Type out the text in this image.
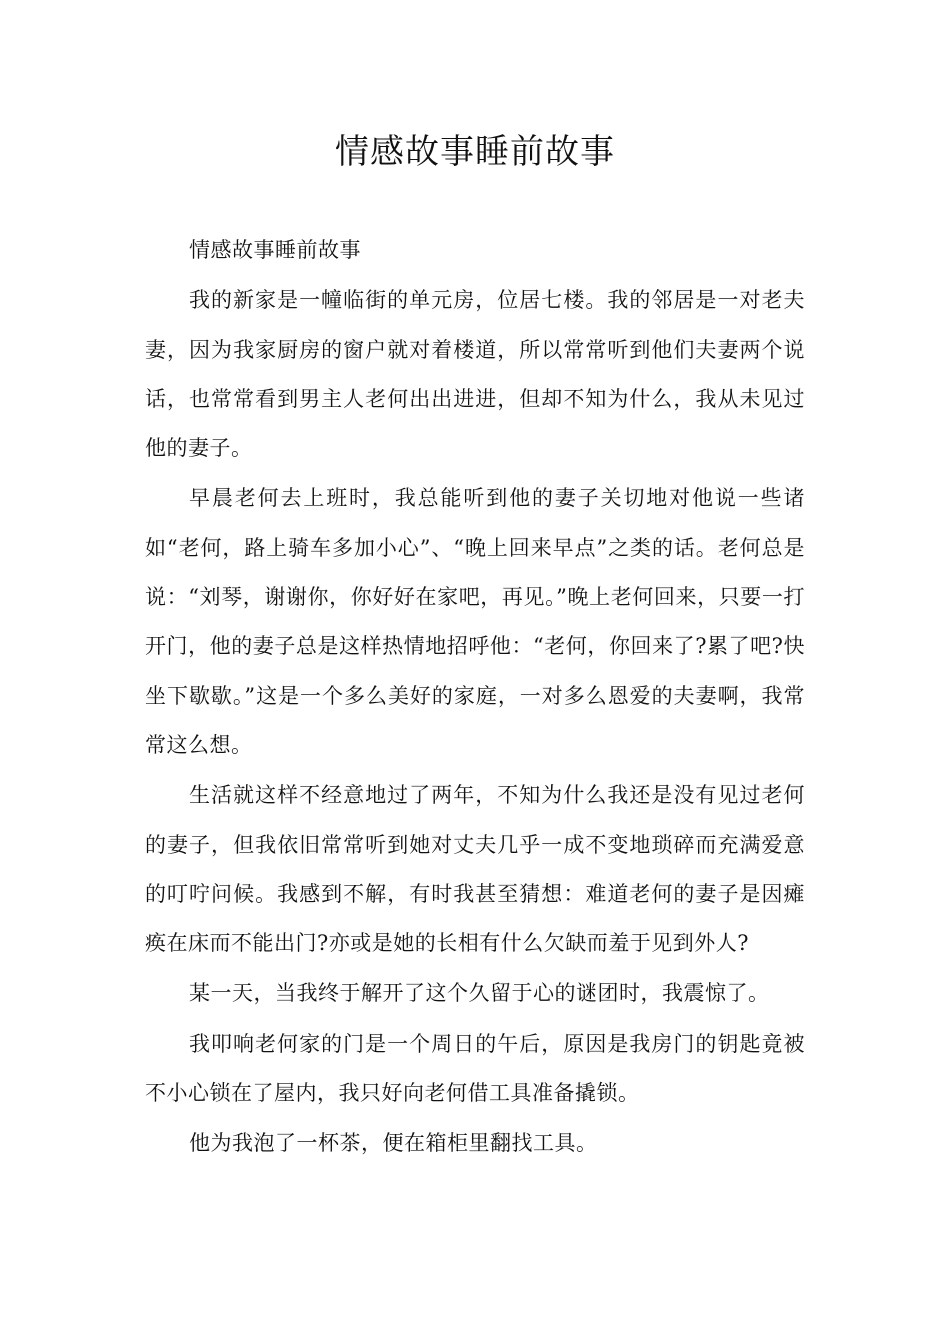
情感故事睡前故事

情感故事睡前故事

我的新家是一幢临街的单元房，位居七楼。我的邻居是一对老夫妻，因为我家厨房的窗户就对着楼道，所以常常听到他们夫妻两个说话，也常常看到男主人老何出出进进，但却不知为什么，我从未见过他的妻子。

早晨老何去上班时，我总能听到他的妻子关切地对他说一些诸如“老何，路上骑车多加小心”、“晚上回来早点”之类的话。老何总是说：“刘琴，谢谢你，你好好在家吧，再见。”晚上老何回来，只要一打开门，他的妻子总是这样热情地招呼他：“老何，你回来了?累了吧?快坐下歇歇。”这是一个多么美好的家庭，一对多么恩爱的夫妻啊，我常常这么想。

生活就这样不经意地过了两年，不知为什么我还是没有见过老何的妻子，但我依旧常常听到她对丈夫几乎一成不变地琐碎而充满爱意的叮咛问候。我感到不解，有时我甚至猜想：难道老何的妻子是因瘫痪在床而不能出门?亦或是她的长相有什么欠缺而羞于见到外人?

某一天，当我终于解开了这个久留于心的谜团时，我震惊了。

我叩响老何家的门是一个周日的午后，原因是我房门的钥匙竟被不小心锁在了屋内，我只好向老何借工具准备撬锁。

他为我泡了一杯茶，便在箱柜里翻找工具。
